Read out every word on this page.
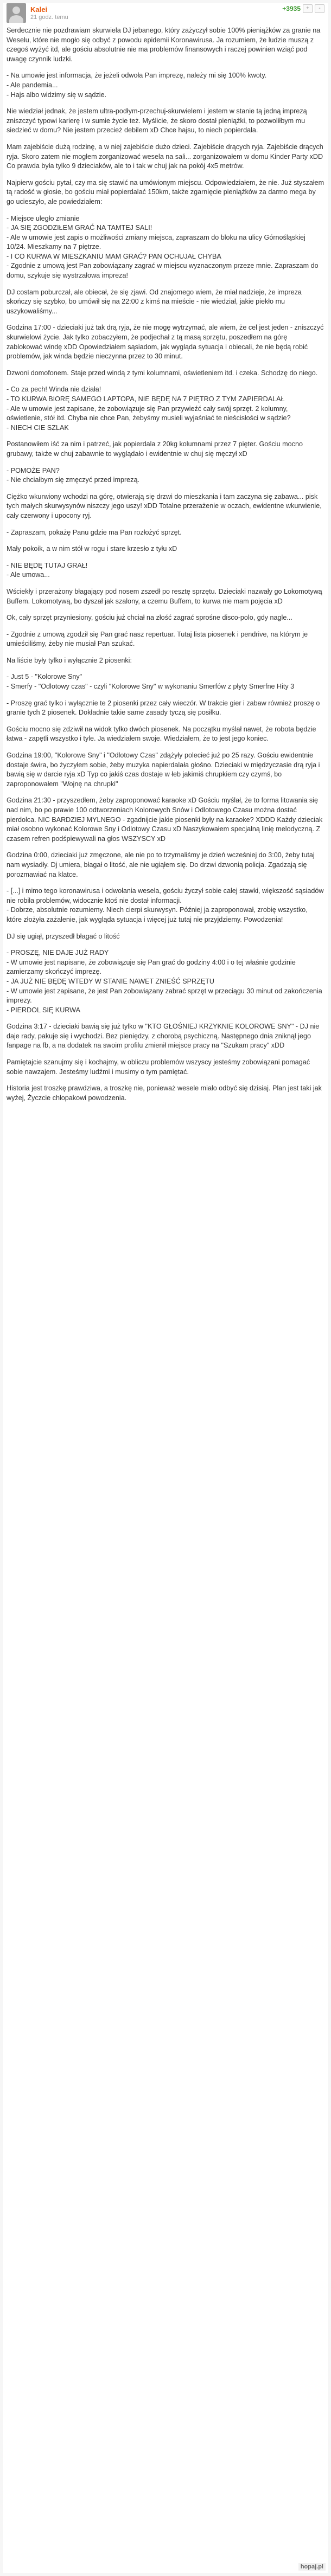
Kalei
21 godz. temu
+3935	+	-

Serdecznie nie pozdrawiam skurwiela DJ jebanego, który zażyczył sobie 100% pieniążków za granie na Weselu, które nie mogło się odbyć z powodu epidemii Koronawirusa. Ja rozumiem, że ludzie muszą z czegoś wyżyć itd, ale gościu absolutnie nie ma problemów finansowych i raczej powinien wziąć pod uwagę czynnik ludzki.

- Na umowie jest informacja, że jeżeli odwoła Pan imprezę, należy mi się 100% kwoty.
- Ale pandemia...
- Hajs albo widzimy się w sądzie.

Nie wiedział jednak, że jestem ultra-podłym-przechuj-skurwielem i jestem w stanie tą jedną imprezą zniszczyć typowi karierę i w sumie życie też. Myślicie, że skoro dostał pieniążki, to pozwoliłbym mu siedzieć w domu? Nie jestem przecież debilem xD Chce hajsu, to niech popierdala.

Mam zajebiście dużą rodzinę, a w niej zajebiście dużo dzieci. Zajebiście drących ryja. Zajebiście drących ryja. Skoro zatem nie mogłem zorganizować wesela na sali... zorganizowałem w domu Kinder Party xDD Co prawda była tylko 9 dzieciaków, ale to i tak w chuj jak na pokój 4x5 metrów.

Najpierw gościu pytał, czy ma się stawić na umówionym miejscu. Odpowiedziałem, że nie. Już styszałem tą radość w głosie, bo gościu miał popierdalać 150km, także zgarnięcie pieniążków za darmo mega by go ucieszyło, ale powiedziałem:

- Miejsce uległo zmianie
- JA SIĘ ZGODZIŁEM GRAĆ NA TAMTEJ SALI!
- Ale w umowie jest zapis o możliwości zmiany miejsca, zapraszam do bloku na ulicy Górnośląskiej 10/24. Mieszkamy na 7 piętrze.
- I CO KURWA W MIESZKANIU MAM GRAĆ? PAN OCHUJAŁ CHYBA
- Zgodnie z umową jest Pan zobowiązany zagrać w miejscu wyznaczonym przeze mnie. Zapraszam do domu, szykuje się wystrzałowa impreza!

DJ costam poburczał, ale obiecał, że się zjawi. Od znajomego wiem, że miał nadzieje, że impreza skończy się szybko, bo umówił się na 22:00 z kimś na mieście - nie wiedział, jakie piekło mu uszykowaliśmy...

Godzina 17:00 - dzieciaki już tak drą ryja, że nie mogę wytrzymać, ale wiem, że cel jest jeden - zniszczyć skurwielowi życie. Jak tylko zobaczyłem, że podjechał z tą masą sprzętu, poszedłem na górę zablokować windę xDD Opowiedziałem sąsiadom, jak wygląda sytuacja i obiecali, że nie będą robić problemów, jak winda będzie nieczynna przez to 30 minut.

Dzwoni domofonem. Staje przed windą z tymi kolumnami, oświetleniem itd. i czeka. Schodzę do niego.

- Co za pech! Winda nie działa!
- TO KURWA BIORĘ SAMEGO LAPTOPA, NIE BĘDĘ NA 7 PIĘTRO Z TYM ZAPIERDALAŁ
- Ale w umowie jest zapisane, że zobowiązuje się Pan przywieźć cały swój sprzęt. 2 kolumny, oświetlenie, stół itd. Chyba nie chce Pan, żebyśmy musieli wyjaśniać te nieścisłości w sądzie?
- NIECH CIE SZLAK

Postanowiłem iść za nim i patrzeć, jak popierdala z 20kg kolumnami przez 7 pięter. Gościu mocno grubawy, także w chuj zabawnie to wyglądało i ewidentnie w chuj się męczył xD

- POMOŻE PAN?
- Nie chciałbym się zmęczyć przed imprezą.

Ciężko wkurwiony wchodzi na górę, otwierają się drzwi do mieszkania i tam zaczyna się zabawa... pisk tych małych skurwysynów niszczy jego uszy! xDD Totalne przerażenie w oczach, ewidentne wkurwienie, cały czerwony i upocony ryj.

- Zapraszam, pokażę Panu gdzie ma Pan rozłożyć sprzęt.

Mały pokoik, a w nim stół w rogu i stare krzesło z tyłu xD

- NIE BĘDĘ TUTAJ GRAŁ!
- Ale umowa...

Wściekły i przerażony błagający pod nosem zszedł po resztę sprzętu. Dzieciaki nazwały go Lokomotywą Buffem. Lokomotywą, bo dyszał jak szalony, a czemu Buffem, to kurwa nie mam pojęcia xD

Ok, cały sprzęt przyniesiony, gościu już chciał na złość zagrać sprośne disco-polo, gdy nagle...

- Zgodnie z umową zgodził się Pan grać nasz repertuar. Tutaj lista piosenek i pendrive, na którym je umieściliśmy, żeby nie musiał Pan szukać.

Na liście były tylko i wyłącznie 2 piosenki:

- Just 5 - "Kolorowe Sny"
- Smerfy - "Odlotowy czas" - czyli "Kolorowe Sny" w wykonaniu Smerfów z płyty Smerfne Hity 3

- Proszę grać tylko i wyłącznie te 2 piosenki przez cały wieczór. W trakcie gier i zabaw również proszę o granie tych 2 piosenek. Dokładnie takie same zasady tyczą się posiłku.

Gościu mocno się zdziwił na widok tylko dwóch piosenek. Na początku myślał nawet, że robota będzie łatwa - zapętli wszystko i tyle. Ja wiedziałem swoje. Wiedziałem, że to jest jego koniec.

Godzina 19:00, "Kolorowe Sny" i "Odlotowy Czas" zdążyły polecieć już po 25 razy. Gościu ewidentnie dostaje świra, bo życzyłem sobie, żeby muzyka napierdalała głośno. Dzieciaki w międzyczasie drą ryja i bawią się w darcie ryja xD Typ co jakiś czas dostaje w łeb jakimiś chrupkiem czy czymś, bo zaproponowałem "Wojnę na chrupki"

Godzina 21:30 - przyszedłem, żeby zaproponować karaoke xD Gościu myślał, że to forma litowania się nad nim, bo po prawie 100 odtworzeniach Kolorowych Snów i Odlotowego Czasu można dostać pierdolca. NIC BARDZIEJ MYLNEGO - zgadnijcie jakie piosenki były na karaoke? XDDD Każdy dzieciak miał osobno wykonać Kolorowe Sny i Odlotowy Czasu xD Naszykowałem specjalną linię melodyczną. Z czasem refren podśpiewywali na głos WSZYSCY xD

Godzina 0:00, dzieciaki już zmęczone, ale nie po to trzymaliśmy je dzień wcześniej do 3:00, żeby tutaj nam wysiadły. Dj umiera, błagał o litość, ale nie ugiąłem się. Do drzwi dzwonią policja. Zgadzają się porozmawiać na klatce.

- [...] i mimo tego koronawirusa i odwołania wesela, gościu życzył sobie całej stawki, większość sąsiadów nie robiła problemów, widocznie ktoś nie dostał informacji.
- Dobrze, absolutnie rozumiemy. Niech cierpi skurwysyn. Później ja zaproponował, zrobię wszystko, które złożyła zażalenie, jak wygląda sytuacja i więcej już tutaj nie przyjdziemy. Powodzenia!

DJ się ugiął, przyszedł błagać o litość

- PROSZĘ, NIE DAJE JUŻ RADY
- W umowie jest napisane, że zobowiązuje się Pan grać do godziny 4:00 i o tej właśnie godzinie zamierzamy skończyć imprezę.
- JA JUŻ NIE BĘDĘ WTEDY W STANIE NAWET ZNIEŚĆ SPRZĘTU
- W umowie jest zapisane, że jest Pan zobowiązany zabrać sprzęt w przeciągu 30 minut od zakończenia imprezy.
- PIERDOL SIĘ KURWA

Godzina 3:17 - dzieciaki bawią się już tylko w "KTO GŁOŚNIEJ KRZYKNIE KOLOROWE SNY" - DJ nie daje rady, pakuje się i wychodzi. Bez pieniędzy, z chorobą psychiczną. Następnego dnia zniknął jego fanpage na fb, a na dodatek na swoim profilu zmienił miejsce pracy na "Szukam pracy" xDD

Pamiętajcie szanujmy się i kochajmy, w obliczu problemów wszyscy jesteśmy zobowiązani pomagać sobie nawzajem. Jesteśmy ludźmi i musimy o tym pamiętać.

Historia jest troszkę prawdziwa, a troszkę nie, ponieważ wesele miało odbyć się dzisiaj. Plan jest taki jak wyżej, Życzcie chłopakowi powodzenia.

hopaj.pl
